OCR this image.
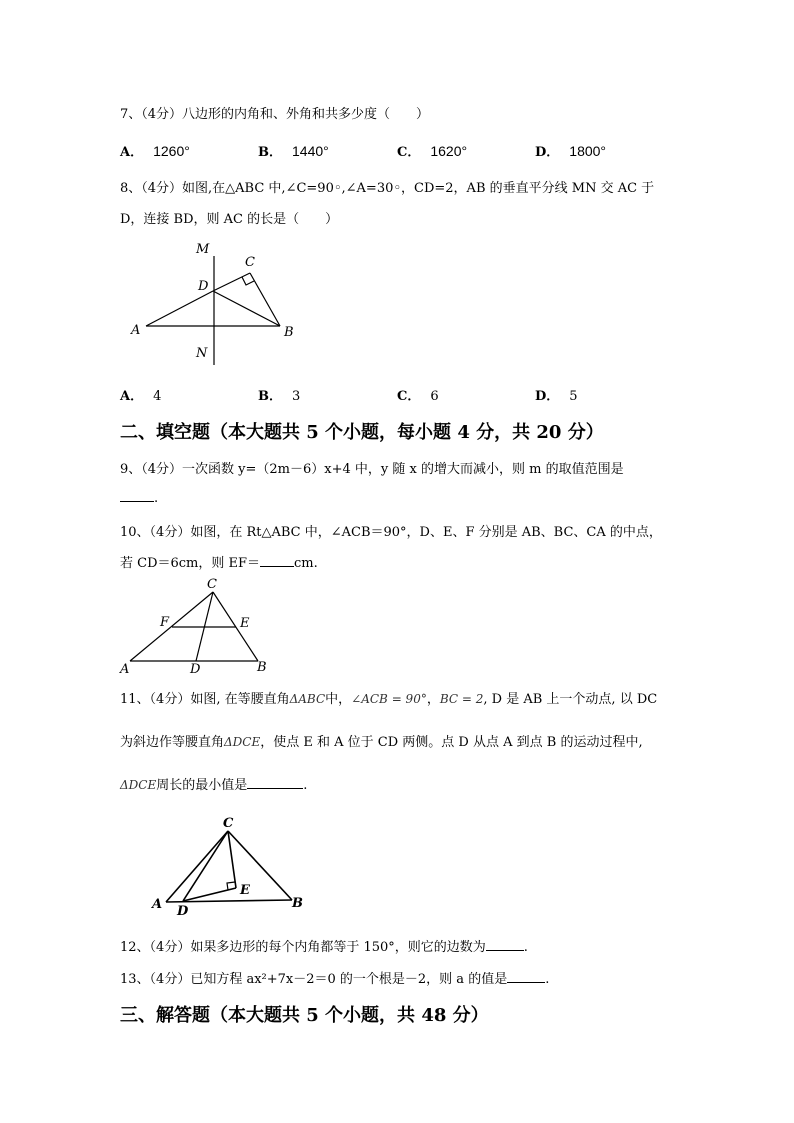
7、（4分）八边形的内角和、外角和共多少度（　　）
A． 1260°	B． 1440°	C． 1620°	D． 1800°
8、（4分）如图,在△ABC 中,∠C=90◦,∠A=30◦，CD=2，AB 的垂直平分线 MN 交 AC 于
D，连接 BD，则 AC 的长是（　　）
M
C
D
A	B
N
A． 4	B． 3	C． 6	D． 5
二、填空题（本大题共 5 个小题，每小题 4 分，共 20 分）
9、（4分）一次函数 y=（2m－6）x+4 中，y 随 x 的增大而减小，则 m 的取值范围是
.
10、（4分）如图，在 Rt△ABC 中，∠ACB＝90°，D、E、F 分别是 AB、BC、CA 的中点，
若 CD＝6cm，则 EF＝	cm.
C
F	E
A	D	B
11、（4分）如图, 在等腰直角ΔABC中，∠ACB = 90°，BC = 2, D 是 AB 上一个动点, 以 DC
为斜边作等腰直角ΔDCE，使点 E 和 A 位于 CD 两侧。点 D 从点 A 到点 B 的运动过程中,
ΔDCE周长的最小值是	.
C
E
A D
B
12、（4分）如果多边形的每个内角都等于 150°，则它的边数为	.
13、（4分）已知方程 ax²+7x－2＝0 的一个根是－2，则 a 的值是	.
三、解答题（本大题共 5 个小题，共 48 分）
